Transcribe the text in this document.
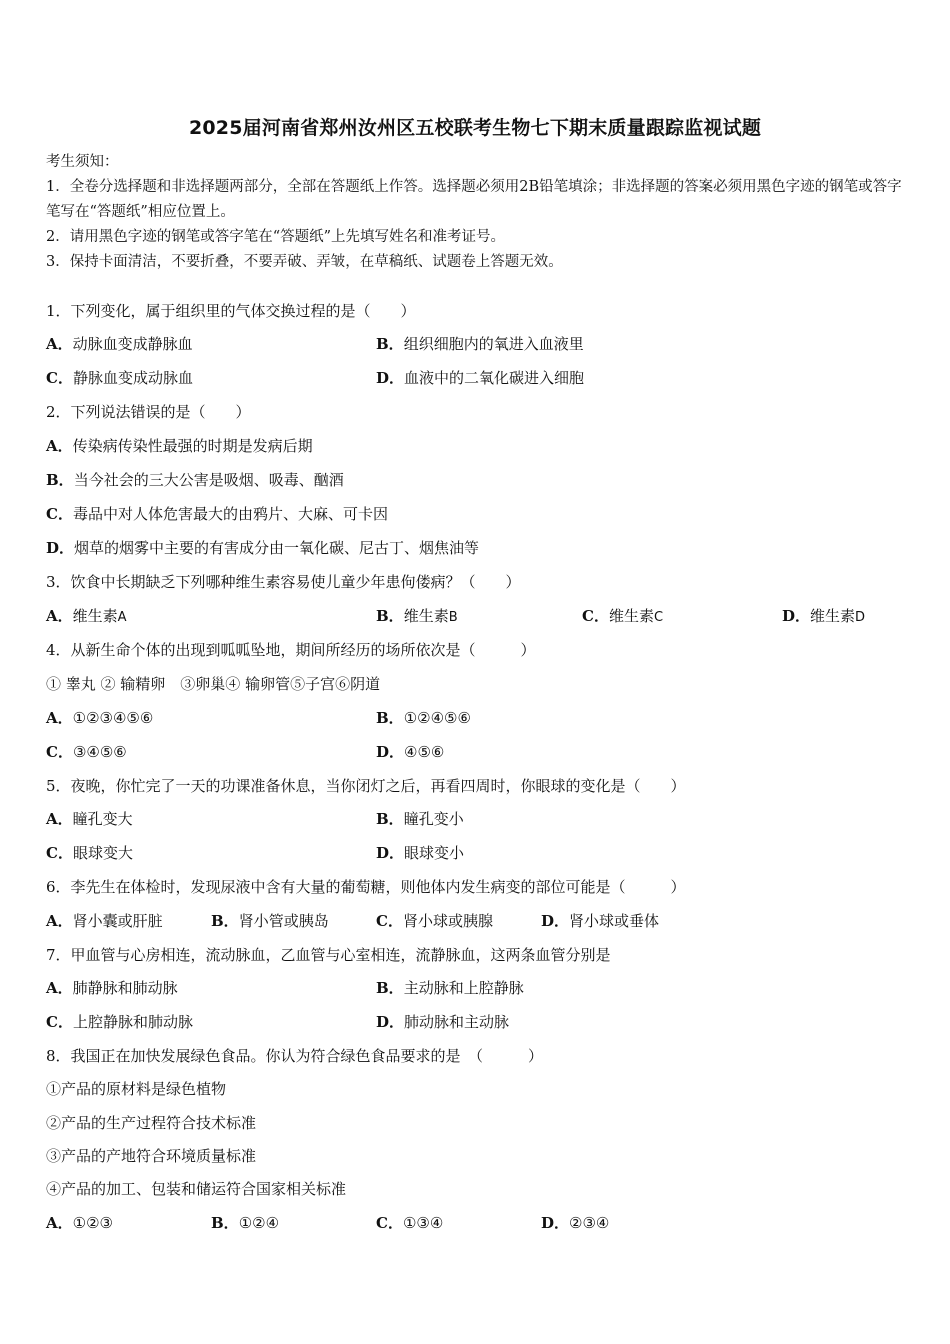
2025届河南省郑州汝州区五校联考生物七下期末质量跟踪监视试题

考生须知：

1．全卷分选择题和非选择题两部分，全部在答题纸上作答。选择题必须用2B铅笔填涂；非选择题的答案必须用黑色字迹的钢笔或答字笔写在“答题纸”相应位置上。

2．请用黑色字迹的钢笔或答字笔在“答题纸”上先填写姓名和准考证号。

3．保持卡面清洁，不要折叠，不要弄破、弄皱，在草稿纸、试题卷上答题无效。

1．下列变化，属于组织里的气体交换过程的是（　　）
A．动脉血变成静脉血	B．组织细胞内的氧进入血液里
C．静脉血变成动脉血	D．血液中的二氧化碳进入细胞
2．下列说法错误的是（　　）
A．传染病传染性最强的时期是发病后期
B．当今社会的三大公害是吸烟、吸毒、酗酒
C．毒品中对人体危害最大的由鸦片、大麻、可卡因
D．烟草的烟雾中主要的有害成分由一氧化碳、尼古丁、烟焦油等
3．饮食中长期缺乏下列哪种维生素容易使儿童少年患佝偻病？（　　）
A．维生素A	B．维生素B	C．维生素C	D．维生素D
4．从新生命个体的出现到呱呱坠地，期间所经历的场所依次是（　　　）
① 睾丸 ② 输精卵　③卵巢④ 输卵管⑤子宫⑥阴道
A．①②③④⑤⑥	B．①②④⑤⑥
C．③④⑤⑥	D．④⑤⑥
5．夜晚，你忙完了一天的功课准备休息，当你闭灯之后，再看四周时，你眼球的变化是（　　）
A．瞳孔变大	B．瞳孔变小
C．眼球变大	D．眼球变小
6．李先生在体检时，发现尿液中含有大量的葡萄糖，则他体内发生病变的部位可能是（　　　）
A．肾小囊或肝脏	B．肾小管或胰岛	C．肾小球或胰腺	D．肾小球或垂体
7．甲血管与心房相连，流动脉血，乙血管与心室相连，流静脉血，这两条血管分别是
A．肺静脉和肺动脉	B．主动脉和上腔静脉
C．上腔静脉和肺动脉	D．肺动脉和主动脉
8．我国正在加快发展绿色食品。你认为符合绿色食品要求的是　（　　　）
①产品的原材料是绿色植物
②产品的生产过程符合技术标准
③产品的产地符合环境质量标准
④产品的加工、包装和储运符合国家相关标准
A．①②③	B．①②④	C．①③④	D．②③④
